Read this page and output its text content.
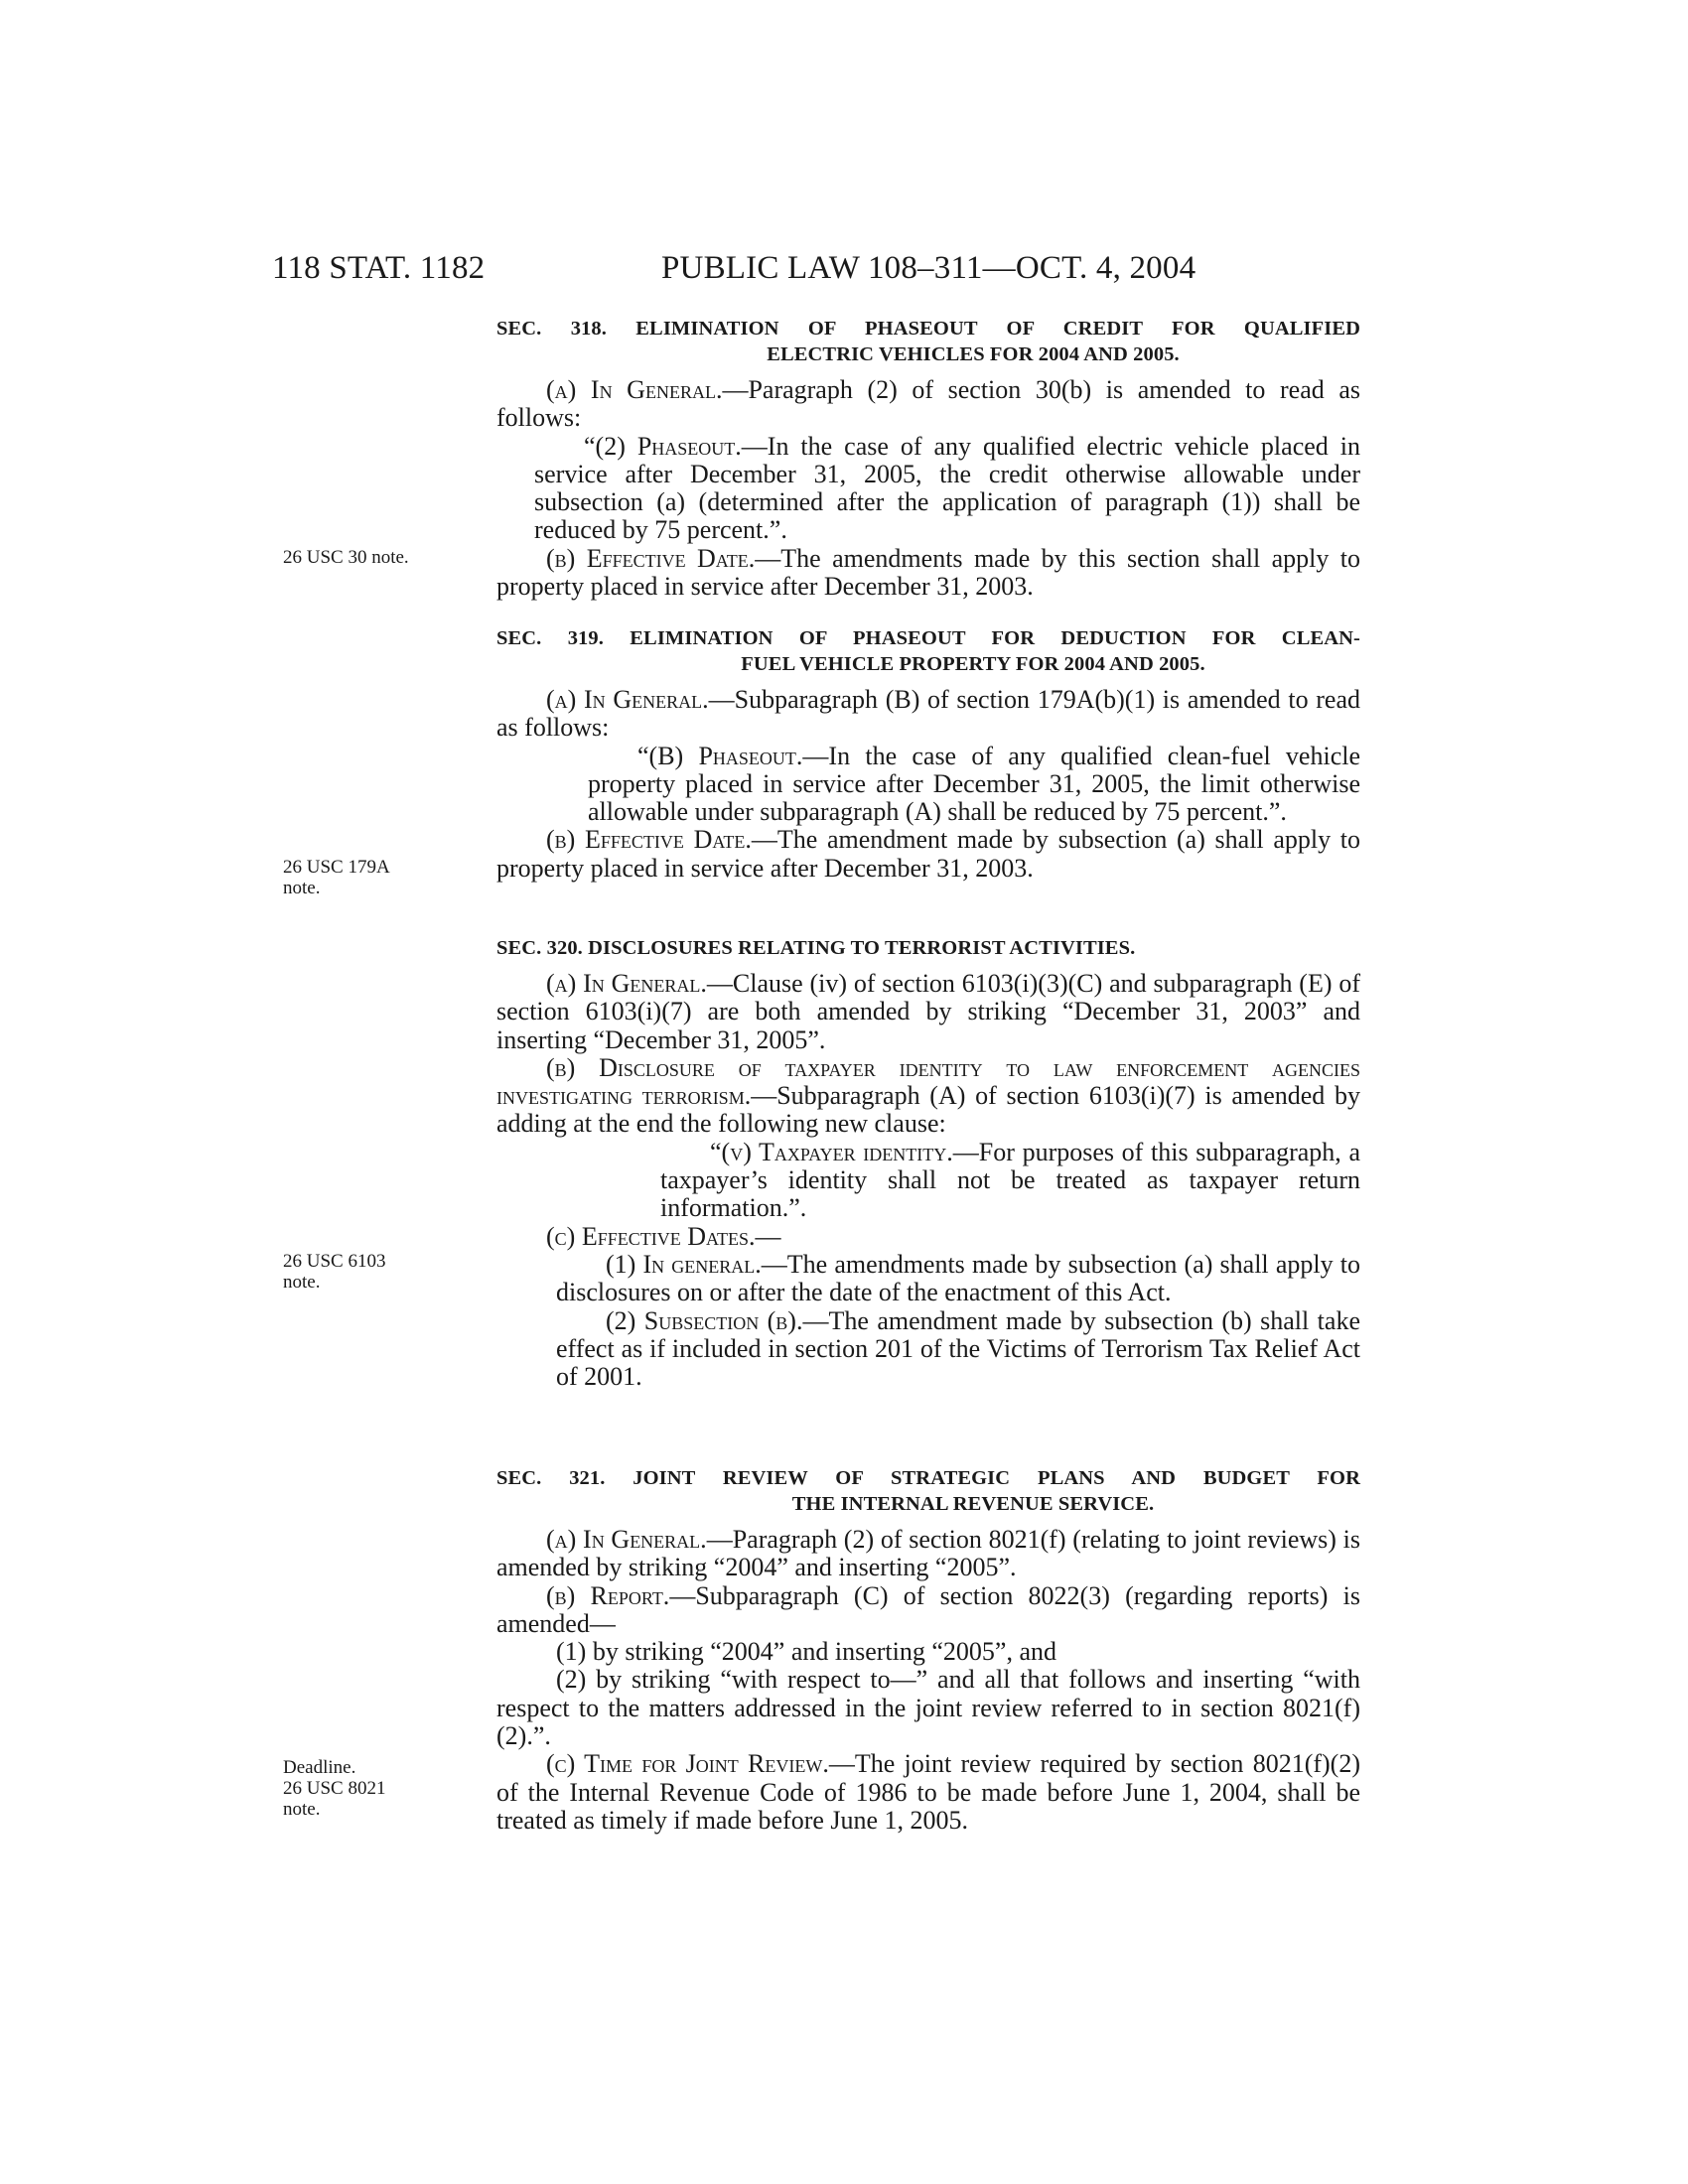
118 STAT. 1182	PUBLIC LAW 108–311—OCT. 4, 2004
SEC. 318. ELIMINATION OF PHASEOUT OF CREDIT FOR QUALIFIED
ELECTRIC VEHICLES FOR 2004 AND 2005.

(a) In General.—Paragraph (2) of section 30(b) is amended to read as follows:

“(2) Phaseout.—In the case of any qualified electric vehicle placed in service after December 31, 2005, the credit otherwise allowable under subsection (a) (determined after the application of paragraph (1)) shall be reduced by 75 percent.”.

(b) Effective Date.—The amendments made by this section shall apply to property placed in service after December 31, 2003.

SEC. 319. ELIMINATION OF PHASEOUT FOR DEDUCTION FOR CLEAN-
FUEL VEHICLE PROPERTY FOR 2004 AND 2005.

(a) In General.—Subparagraph (B) of section 179A(b)(1) is amended to read as follows:

“(B) Phaseout.—In the case of any qualified clean-fuel vehicle property placed in service after December 31, 2005, the limit otherwise allowable under subparagraph (A) shall be reduced by 75 percent.”.

(b) Effective Date.—The amendment made by subsection (a) shall apply to property placed in service after December 31, 2003.

SEC. 320. DISCLOSURES RELATING TO TERRORIST ACTIVITIES.

(a) In General.—Clause (iv) of section 6103(i)(3)(C) and subparagraph (E) of section 6103(i)(7) are both amended by striking “December 31, 2003” and inserting “December 31, 2005”.

(b) Disclosure of taxpayer identity to law enforcement agencies investigating terrorism.—Subparagraph (A) of section 6103(i)(7) is amended by adding at the end the following new clause:

“(v) Taxpayer identity.—For purposes of this subparagraph, a taxpayer’s identity shall not be treated as taxpayer return information.”.

(c) Effective Dates.—

(1) In general.—The amendments made by subsection (a) shall apply to disclosures on or after the date of the enactment of this Act.

(2) Subsection (b).—The amendment made by subsection (b) shall take effect as if included in section 201 of the Victims of Terrorism Tax Relief Act of 2001.

SEC. 321. JOINT REVIEW OF STRATEGIC PLANS AND BUDGET FOR
THE INTERNAL REVENUE SERVICE.

(a) In General.—Paragraph (2) of section 8021(f) (relating to joint reviews) is amended by striking “2004” and inserting “2005”.

(b) Report.—Subparagraph (C) of section 8022(3) (regarding reports) is amended—

(1) by striking “2004” and inserting “2005”, and

(2) by striking “with respect to—” and all that follows and inserting “with respect to the matters addressed in the joint review referred to in section 8021(f)(2).”.

(c) Time for Joint Review.—The joint review required by section 8021(f)(2) of the Internal Revenue Code of 1986 to be made before June 1, 2004, shall be treated as timely if made before June 1, 2005.

26 USC 30 note.
26 USC 179A
note.
26 USC 6103
note.
Deadline.
26 USC 8021
note.
